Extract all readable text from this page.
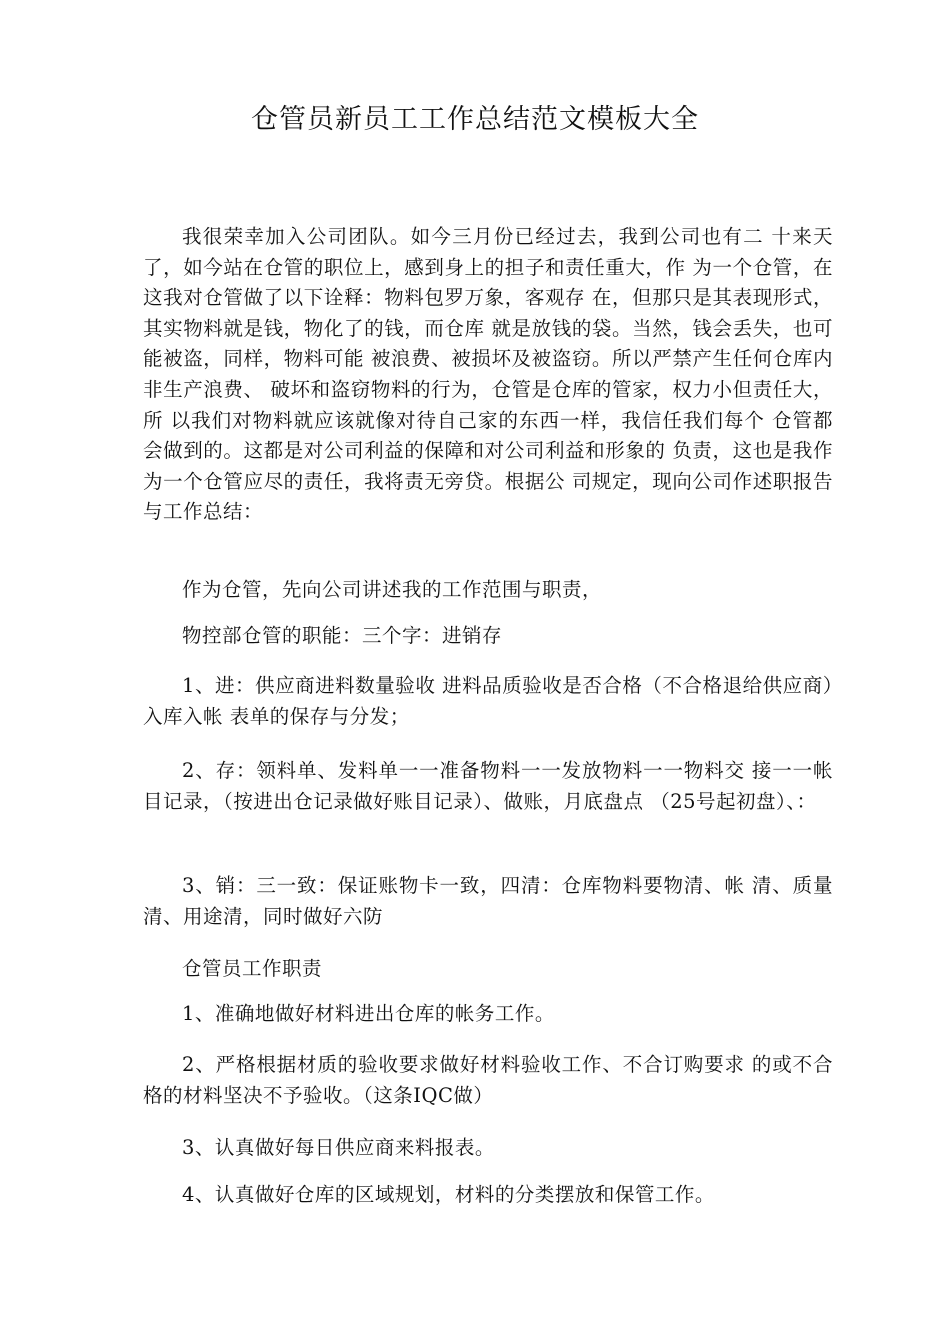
仓管员新员工工作总结范文模板大全

我很荣幸加入公司团队。如今三月份已经过去，我到公司也有二 十来天了，如今站在仓管的职位上，感到身上的担子和责任重大，作 为一个仓管，在这我对仓管做了以下诠释：物料包罗万象，客观存 在，但那只是其表现形式，其实物料就是钱，物化了的钱，而仓库 就是放钱的袋。当然，钱会丢失，也可能被盗，同样，物料可能 被浪费、被损坏及被盗窃。所以严禁产生任何仓库内非生产浪费、 破坏和盗窃物料的行为，仓管是仓库的管家，权力小但责任大，所 以我们对物料就应该就像对待自己家的东西一样，我信任我们每个 仓管都会做到的。这都是对公司利益的保障和对公司利益和形象的 负责，这也是我作为一个仓管应尽的责任，我将责无旁贷。根据公 司规定，现向公司作述职报告与工作总结：

作为仓管，先向公司讲述我的工作范围与职责，

物控部仓管的职能：三个字：进销存

1、进：供应商进料数量验收 进料品质验收是否合格（不合格退给供应商）入库入帐 表单的保存与分发；

2、存：领料单、发料单一一准备物料一一发放物料一一物料交 接一一帐目记录，（按进出仓记录做好账目记录）、做账，月底盘点 （25号起初盘）、：

3、销：三一致：保证账物卡一致，四清：仓库物料要物清、帐 清、质量清、用途清，同时做好六防

仓管员工作职责

1、准确地做好材料进出仓库的帐务工作。

2、严格根据材质的验收要求做好材料验收工作、不合订购要求 的或不合格的材料坚决不予验收。（这条IQC做）

3、认真做好每日供应商来料报表。

4、认真做好仓库的区域规划，材料的分类摆放和保管工作。
